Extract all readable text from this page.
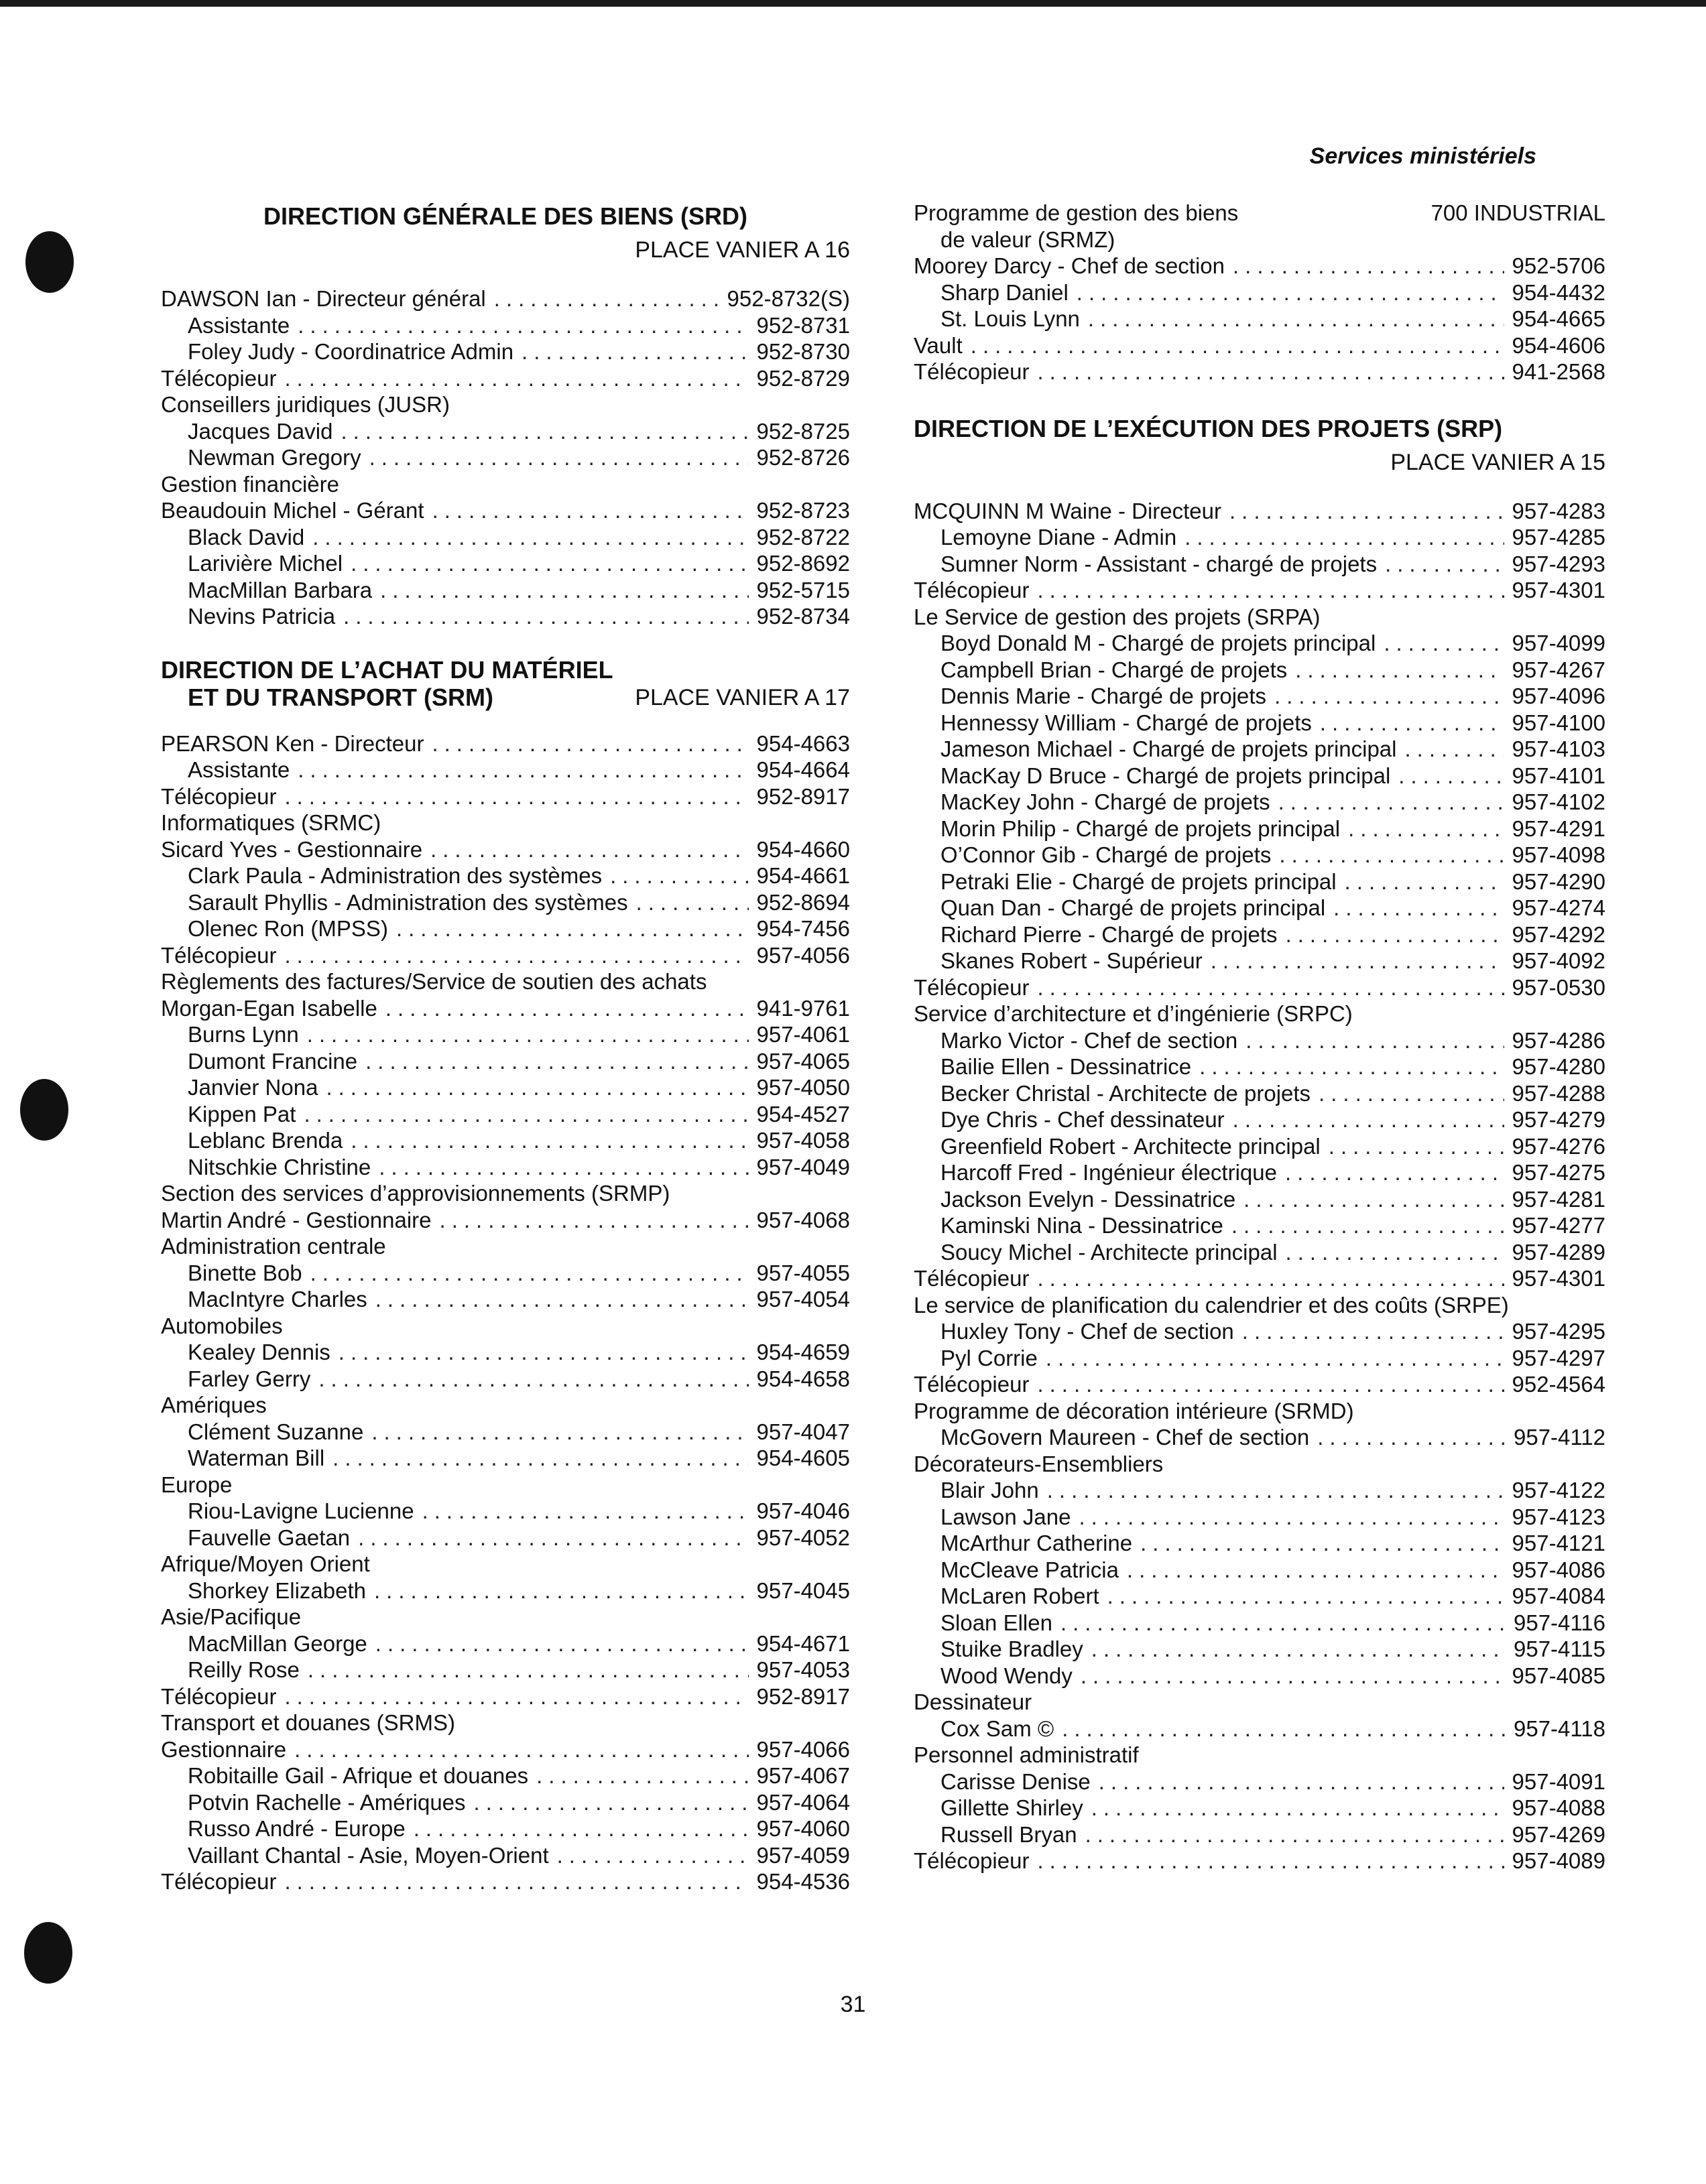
Services ministériels
DIRECTION GÉNÉRALE DES BIENS (SRD)
PLACE VANIER A 16
DAWSON Ian - Directeur général .....	952-8732(S)
Assistante .....	952-8731
Foley Judy - Coordinatrice Admin .....	952-8730
Télécopieur .....	952-8729
Conseillers juridiques (JUSR)
Jacques David .....	952-8725
Newman Gregory .....	952-8726
Gestion financière
Beaudouin Michel - Gérant .....	952-8723
Black David .....	952-8722
Larivière Michel .....	952-8692
MacMillan Barbara .....	952-5715
Nevins Patricia .....	952-8734
DIRECTION DE L’ACHAT DU MATÉRIEL
ET DU TRANSPORT (SRM)	PLACE VANIER A 17
PEARSON Ken - Directeur .....	954-4663
Assistante .....	954-4664
Télécopieur .....	952-8917
Informatiques (SRMC)
Sicard Yves - Gestionnaire .....	954-4660
Clark Paula - Administration des systèmes .....	954-4661
Sarault Phyllis - Administration des systèmes .....	952-8694
Olenec Ron (MPSS) .....	954-7456
Télécopieur .....	957-4056
Règlements des factures/Service de soutien des achats
Morgan-Egan Isabelle .....	941-9761
Burns Lynn .....	957-4061
Dumont Francine .....	957-4065
Janvier Nona .....	957-4050
Kippen Pat .....	954-4527
Leblanc Brenda .....	957-4058
Nitschkie Christine .....	957-4049
Section des services d’approvisionnements (SRMP)
Martin André - Gestionnaire .....	957-4068
Administration centrale
Binette Bob .....	957-4055
MacIntyre Charles .....	957-4054
Automobiles
Kealey Dennis .....	954-4659
Farley Gerry .....	954-4658
Amériques
Clément Suzanne .....	957-4047
Waterman Bill .....	954-4605
Europe
Riou-Lavigne Lucienne .....	957-4046
Fauvelle Gaetan .....	957-4052
Afrique/Moyen Orient
Shorkey Elizabeth .....	957-4045
Asie/Pacifique
MacMillan George .....	954-4671
Reilly Rose .....	957-4053
Télécopieur .....	952-8917
Transport et douanes (SRMS)
Gestionnaire .....	957-4066
Robitaille Gail - Afrique et douanes .....	957-4067
Potvin Rachelle - Amériques .....	957-4064
Russo André - Europe .....	957-4060
Vaillant Chantal - Asie, Moyen-Orient .....	957-4059
Télécopieur .....	954-4536
Programme de gestion des biens	700 INDUSTRIAL
de valeur (SRMZ)
Moorey Darcy - Chef de section .....	952-5706
Sharp Daniel .....	954-4432
St. Louis Lynn .....	954-4665
Vault .....	954-4606
Télécopieur .....	941-2568
DIRECTION DE L’EXÉCUTION DES PROJETS (SRP)
PLACE VANIER A 15
MCQUINN M Waine - Directeur .....	957-4283
Lemoyne Diane - Admin .....	957-4285
Sumner Norm - Assistant - chargé de projets .....	957-4293
Télécopieur .....	957-4301
Le Service de gestion des projets (SRPA)
Boyd Donald M - Chargé de projets principal .....	957-4099
Campbell Brian - Chargé de projets .....	957-4267
Dennis Marie - Chargé de projets .....	957-4096
Hennessy William - Chargé de projets .....	957-4100
Jameson Michael - Chargé de projets principal .....	957-4103
MacKay D Bruce - Chargé de projets principal .....	957-4101
MacKey John - Chargé de projets .....	957-4102
Morin Philip - Chargé de projets principal .....	957-4291
O’Connor Gib - Chargé de projets .....	957-4098
Petraki Elie - Chargé de projets principal .....	957-4290
Quan Dan - Chargé de projets principal .....	957-4274
Richard Pierre - Chargé de projets .....	957-4292
Skanes Robert - Supérieur .....	957-4092
Télécopieur .....	957-0530
Service d’architecture et d’ingénierie (SRPC)
Marko Victor - Chef de section .....	957-4286
Bailie Ellen - Dessinatrice .....	957-4280
Becker Christal - Architecte de projets .....	957-4288
Dye Chris - Chef dessinateur .....	957-4279
Greenfield Robert - Architecte principal .....	957-4276
Harcoff Fred - Ingénieur électrique .....	957-4275
Jackson Evelyn - Dessinatrice .....	957-4281
Kaminski Nina - Dessinatrice .....	957-4277
Soucy Michel - Architecte principal .....	957-4289
Télécopieur .....	957-4301
Le service de planification du calendrier et des coûts (SRPE)
Huxley Tony - Chef de section .....	957-4295
Pyl Corrie .....	957-4297
Télécopieur .....	952-4564
Programme de décoration intérieure (SRMD)
McGovern Maureen - Chef de section .....	957-4112
Décorateurs-Ensembliers
Blair John .....	957-4122
Lawson Jane .....	957-4123
McArthur Catherine .....	957-4121
McCleave Patricia .....	957-4086
McLaren Robert .....	957-4084
Sloan Ellen .....	957-4116
Stuike Bradley .....	957-4115
Wood Wendy .....	957-4085
Dessinateur
Cox Sam © .....	957-4118
Personnel administratif
Carisse Denise .....	957-4091
Gillette Shirley .....	957-4088
Russell Bryan .....	957-4269
Télécopieur .....	957-4089
31
